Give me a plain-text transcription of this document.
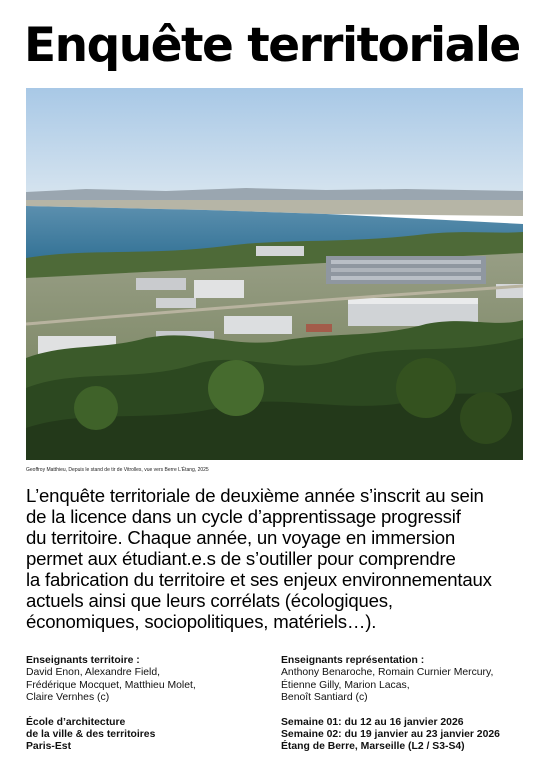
Enquête territoriale
Geoffroy Matthieu, Depuis le stand de tir de Vitrolles, vue vers Berre L’Étang, 2025
L’enquête territoriale de deuxième année s’inscrit au sein
de la licence dans un cycle d’apprentissage progressif
du territoire. Chaque année, un voyage en immersion
permet aux étudiant.e.s de s’outiller pour comprendre
la fabrication du territoire et ses enjeux environnementaux
actuels ainsi que leurs corrélats (écologiques,
économiques, sociopolitiques, matériels…).
Enseignants territoire :
David Enon, Alexandre Field,
Frédérique Mocquet, Matthieu Molet,
Claire Vernhes (c)
École d’architecture
de la ville & des territoires
Paris-Est
Enseignants représentation :
Anthony Benaroche, Romain Curnier Mercury,
Étienne Gilly, Marion Lacas,
Benoît Santiard (c)
Semaine 01: du 12 au 16 janvier 2026
Semaine 02: du 19 janvier au 23 janvier 2026
Étang de Berre, Marseille (L2 / S3-S4)
